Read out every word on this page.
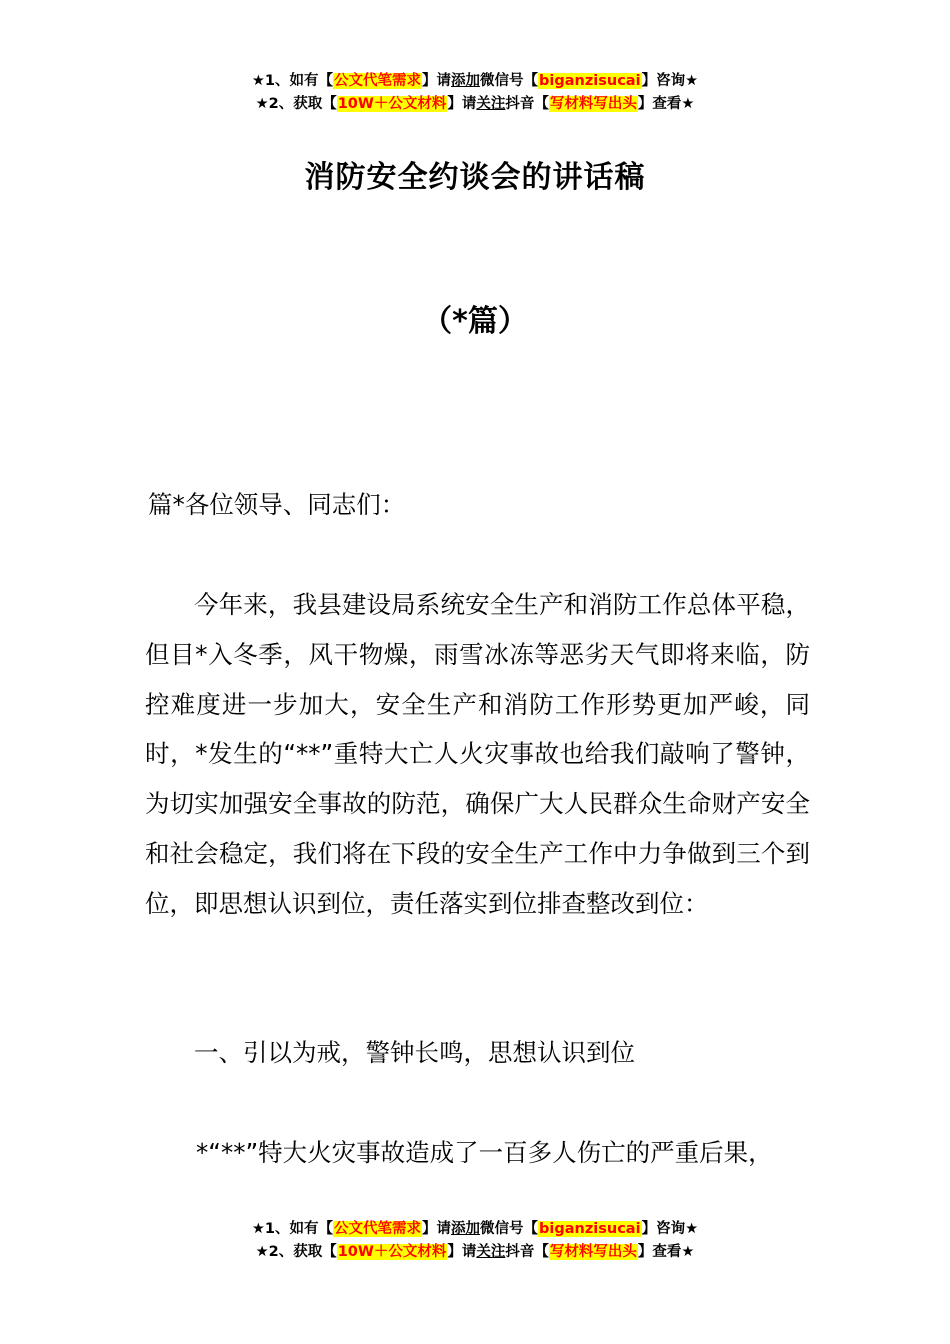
★1、如有【公文代笔需求】请添加微信号【biganzisucai】咨询★
★2、获取【10W＋公文材料】请关注抖音【写材料写出头】查看★
消防安全约谈会的讲话稿
（*篇）
篇*各位领导、同志们：
今年来，我县建设局系统安全生产和消防工作总体平稳，但目*入冬季，风干物燥，雨雪冰冻等恶劣天气即将来临，防控难度进一步加大，安全生产和消防工作形势更加严峻，同时，*发生的“**”重特大亡人火灾事故也给我们敲响了警钟，为切实加强安全事故的防范，确保广大人民群众生命财产安全和社会稳定，我们将在下段的安全生产工作中力争做到三个到位，即思想认识到位，责任落实到位排查整改到位：
一、引以为戒，警钟长鸣，思想认识到位
*“**”特大火灾事故造成了一百多人伤亡的严重后果，
★1、如有【公文代笔需求】请添加微信号【biganzisucai】咨询★
★2、获取【10W＋公文材料】请关注抖音【写材料写出头】查看★
